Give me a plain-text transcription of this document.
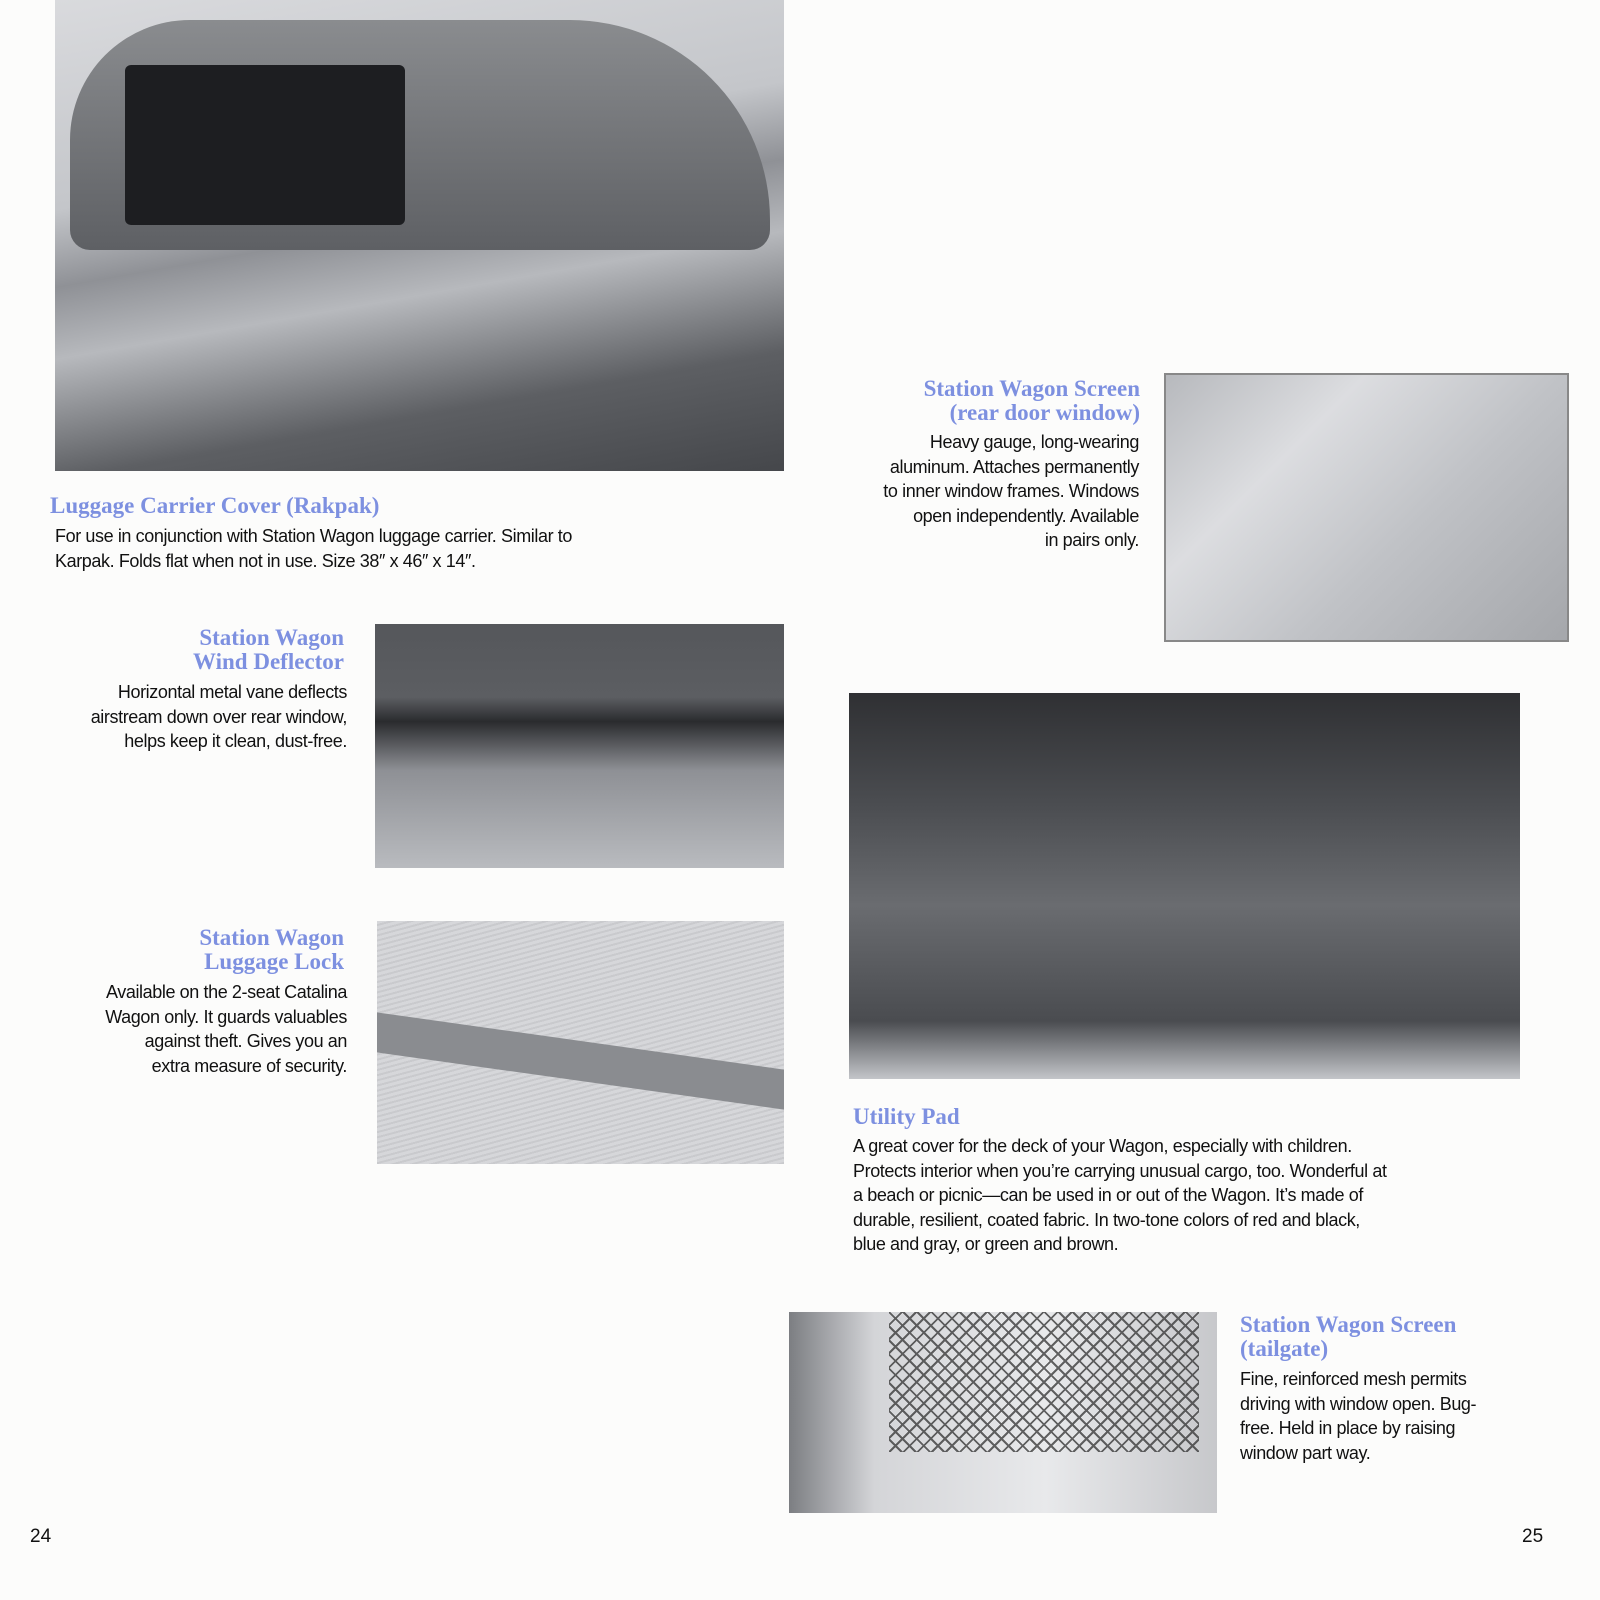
Luggage Carrier Cover (Rakpak)

For use in conjunction with Station Wagon luggage carrier. Similar to
Karpak. Folds flat when not in use. Size 38″ x 46″ x 14″.

Station Wagon
Wind Deflector

Horizontal metal vane deflects
airstream down over rear window,
helps keep it clean, dust-free.

Station Wagon
Luggage Lock

Available on the 2-seat Catalina
Wagon only. It guards valuables
against theft. Gives you an
extra measure of security.

24
Station Wagon Screen
(rear door window)

Heavy gauge, long-wearing
aluminum. Attaches permanently
to inner window frames. Windows
open independently. Available
in pairs only.

Utility Pad

A great cover for the deck of your Wagon, especially with children.
Protects interior when you’re carrying unusual cargo, too. Wonderful at
a beach or picnic—can be used in or out of the Wagon. It’s made of
durable, resilient, coated fabric. In two-tone colors of red and black,
blue and gray, or green and brown.

Station Wagon Screen
(tailgate)

Fine, reinforced mesh permits
driving with window open. Bug-
free. Held in place by raising
window part way.

25
